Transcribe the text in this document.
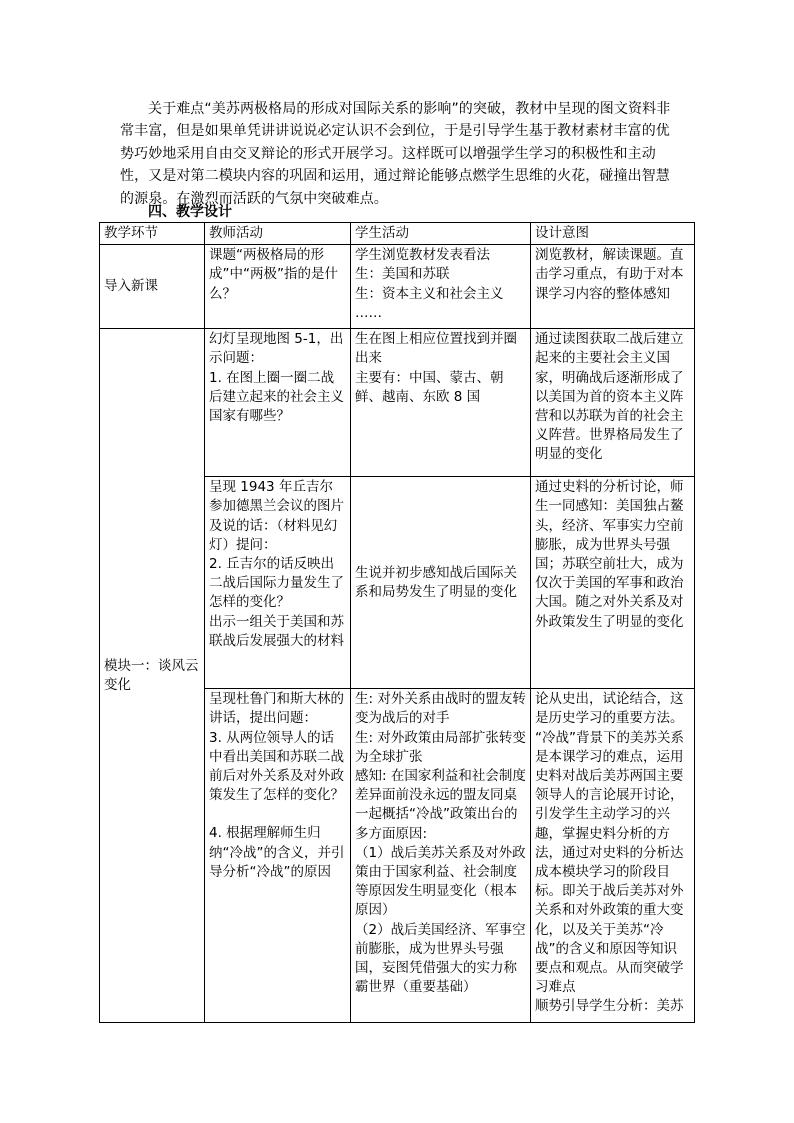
关于难点“美苏两极格局的形成对国际关系的影响”的突破，教材中呈现的图文资料非常丰富，但是如果单凭讲讲说说必定认识不会到位，于是引导学生基于教材素材丰富的优势巧妙地采用自由交叉辩论的形式开展学习。这样既可以增强学生学习的积极性和主动性，又是对第二模块内容的巩固和运用，通过辩论能够点燃学生思维的火花，碰撞出智慧的源泉。在激烈而活跃的气氛中突破难点。

四、教学设计
教学环节	教师活动	学生活动	设计意图
导入新课	课题“两极格局的形成”中“两极”指的是什么？	学生浏览教材发表看法
生：美国和苏联
生：资本主义和社会主义
……	浏览教材，解读课题。直击学习重点，有助于对本课学习内容的整体感知

模块一：谈风云变化	幻灯呈现地图 5-1，出示问题：
1. 在图上圈一圈二战后建立起来的社会主义国家有哪些？	生在图上相应位置找到并圈出来
主要有：中国、蒙古、朝鲜、越南、东欧 8 国	通过读图获取二战后建立起来的主要社会主义国家，明确战后逐渐形成了以美国为首的资本主义阵营和以苏联为首的社会主义阵营。世界格局发生了明显的变化

	呈现 1943 年丘吉尔参加德黑兰会议的图片及说的话：（材料见幻灯）提问：
2. 丘吉尔的话反映出二战后国际力量发生了怎样的变化？
出示一组关于美国和苏联战后发展强大的材料	生说并初步感知战后国际关系和局势发生了明显的变化	通过史料的分析讨论，师生一同感知：美国独占鳌头，经济、军事实力空前膨胀，成为世界头号强国；苏联空前壮大，成为仅次于美国的军事和政治大国。随之对外关系及对外政策发生了明显的变化

	呈现杜鲁门和斯大林的讲话，提出问题：
3. 从两位领导人的话中看出美国和苏联二战前后对外关系及对外政策发生了怎样的变化？
4. 根据理解师生归纳“冷战”的含义，并引导分析“冷战”的原因	生: 对外关系由战时的盟友转变为战后的对手
生: 对外政策由局部扩张转变为全球扩张
感知: 在国家利益和社会制度差异面前没永远的盟友同桌一起概括“冷战”政策出台的多方面原因:
（1）战后美苏关系及对外政策由于国家利益、社会制度等原因发生明显变化（根本原因）
（2）战后美国经济、军事空前膨胀，成为世界头号强国，妄图凭借强大的实力称霸世界（重要基础）	论从史出，试论结合，这是历史学习的重要方法。
“冷战”背景下的美苏关系是本课学习的难点，运用史料对战后美苏两国主要领导人的言论展开讨论，引发学生主动学习的兴趣，掌握史料分析的方法，通过对史料的分析达成本模块学习的阶段目标。即关于战后美苏对外关系和对外政策的重大变化，以及关于美苏“冷战”的含义和原因等知识要点和观点。从而突破学习难点
顺势引导学生分析：美苏
